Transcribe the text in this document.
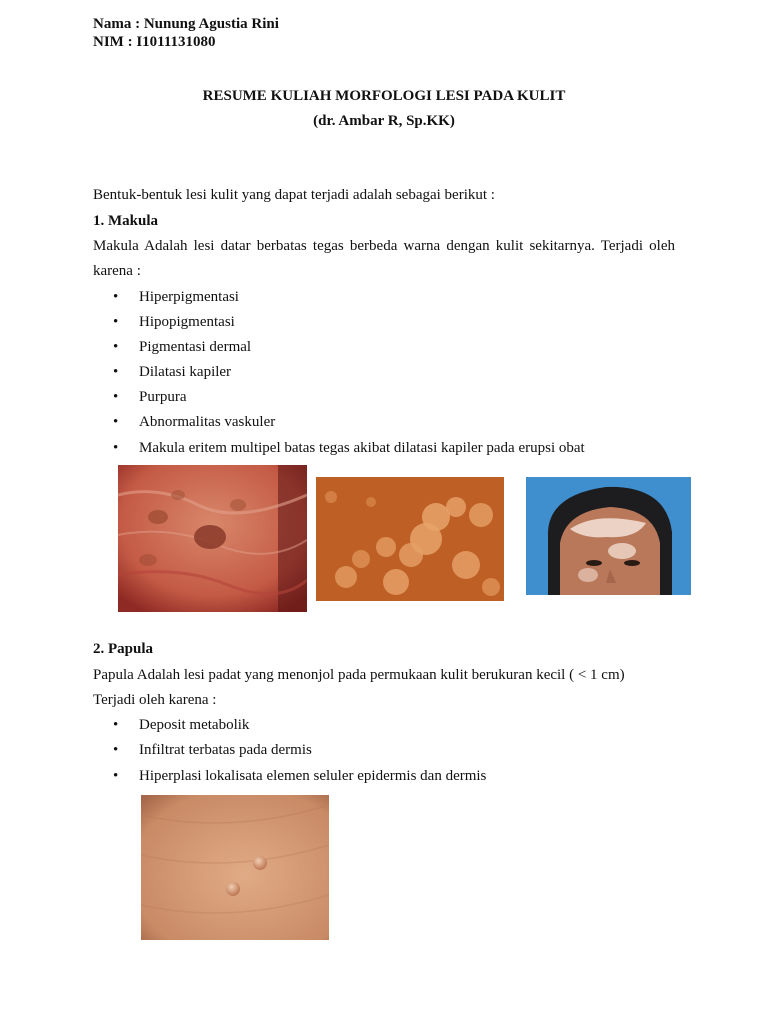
Nama : Nunung Agustia Rini
NIM : I1011131080
RESUME KULIAH MORFOLOGI LESI PADA KULIT
(dr. Ambar R, Sp.KK)
Bentuk-bentuk lesi kulit yang dapat terjadi adalah sebagai berikut :
1. Makula
Makula Adalah lesi datar berbatas tegas berbeda warna dengan kulit sekitarnya. Terjadi oleh
karena :
• Hiperpigmentasi
• Hipopigmentasi
• Pigmentasi dermal
• Dilatasi kapiler
• Purpura
• Abnormalitas vaskuler
• Makula eritem multipel batas tegas akibat dilatasi kapiler pada erupsi obat
2. Papula
Papula Adalah lesi padat yang menonjol pada permukaan kulit berukuran kecil ( < 1 cm)
Terjadi oleh karena :
• Deposit metabolik
• Infiltrat terbatas pada dermis
• Hiperplasi lokalisata elemen seluler epidermis dan dermis
